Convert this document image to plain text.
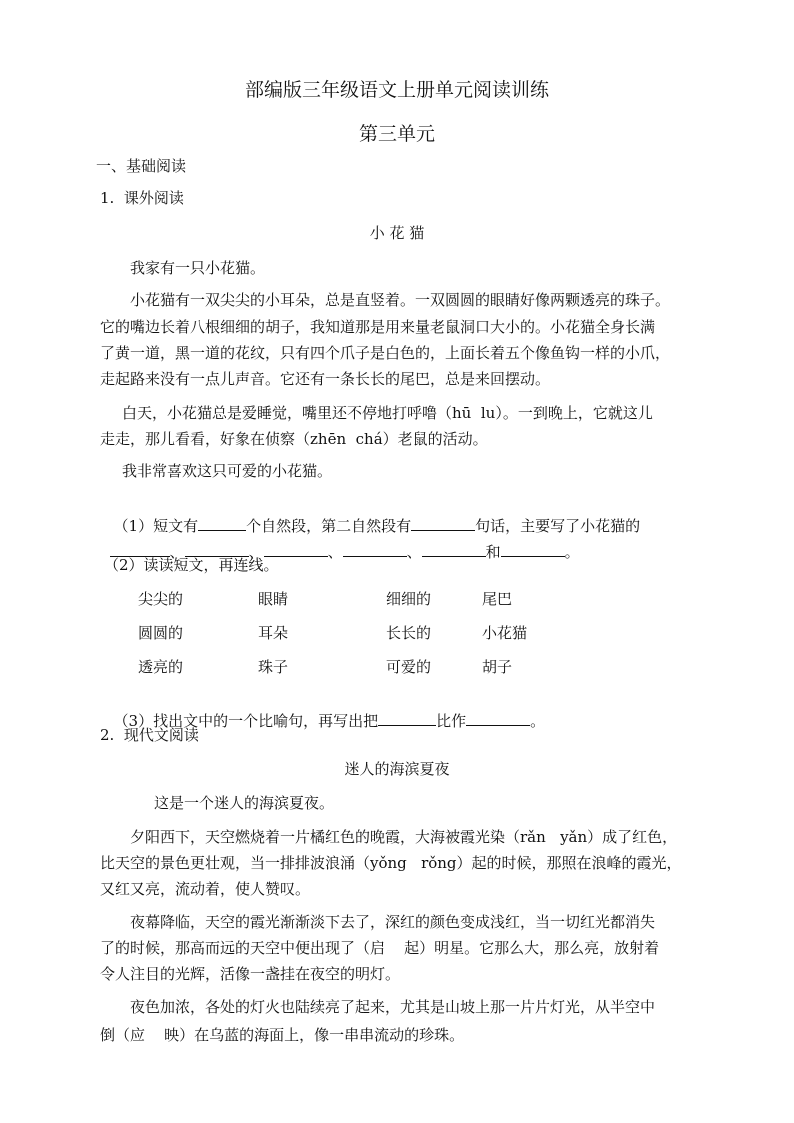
部编版三年级语文上册单元阅读训练
第三单元
一、基础阅读
1.  课外阅读
小 花 猫
我家有一只小花猫。
小花猫有一双尖尖的小耳朵，总是直竖着。一双圆圆的眼睛好像两颗透亮的珠子。
它的嘴边长着八根细细的胡子，我知道那是用来量老鼠洞口大小的。小花猫全身长满
了黄一道，黑一道的花纹，只有四个爪子是白色的，上面长着五个像鱼钩一样的小爪，
走起路来没有一点儿声音。它还有一条长长的尾巴，总是来回摆动。
白天，小花猫总是爱睡觉，嘴里还不停地打呼噜（hū  lu）。一到晚上，它就这儿
走走，那儿看看，好象在侦察（zhēn  chá）老鼠的活动。
我非常喜欢这只可爱的小花猫。

（1）短文有	个自然段，第二自然段有	句话，主要写了小花猫的

、	、	、	、	和	。

（2）读读短文，再连线。
尖尖的	眼睛	细细的	尾巴
圆圆的	耳朵	长长的	小花猫
透亮的	珠子	可爱的	胡子

（3）找出文中的一个比喻句，再写出把	比作	。

2.  现代文阅读
迷人的海滨夏夜
这是一个迷人的海滨夏夜。
夕阳西下，天空燃烧着一片橘红色的晚霞，大海被霞光染（rǎn   yǎn）成了红色，
比天空的景色更壮观，当一排排波浪涌（yǒng   rǒng）起的时候，那照在浪峰的霞光，
又红又亮，流动着，使人赞叹。
夜幕降临，天空的霞光渐渐淡下去了，深红的颜色变成浅红，当一切红光都消失
了的时候，那高而远的天空中便出现了（启    起）明星。它那么大，那么亮，放射着
令人注目的光辉，活像一盏挂在夜空的明灯。
夜色加浓，各处的灯火也陆续亮了起来，尤其是山坡上那一片片灯光，从半空中
倒（应    映）在乌蓝的海面上，像一串串流动的珍珠。
